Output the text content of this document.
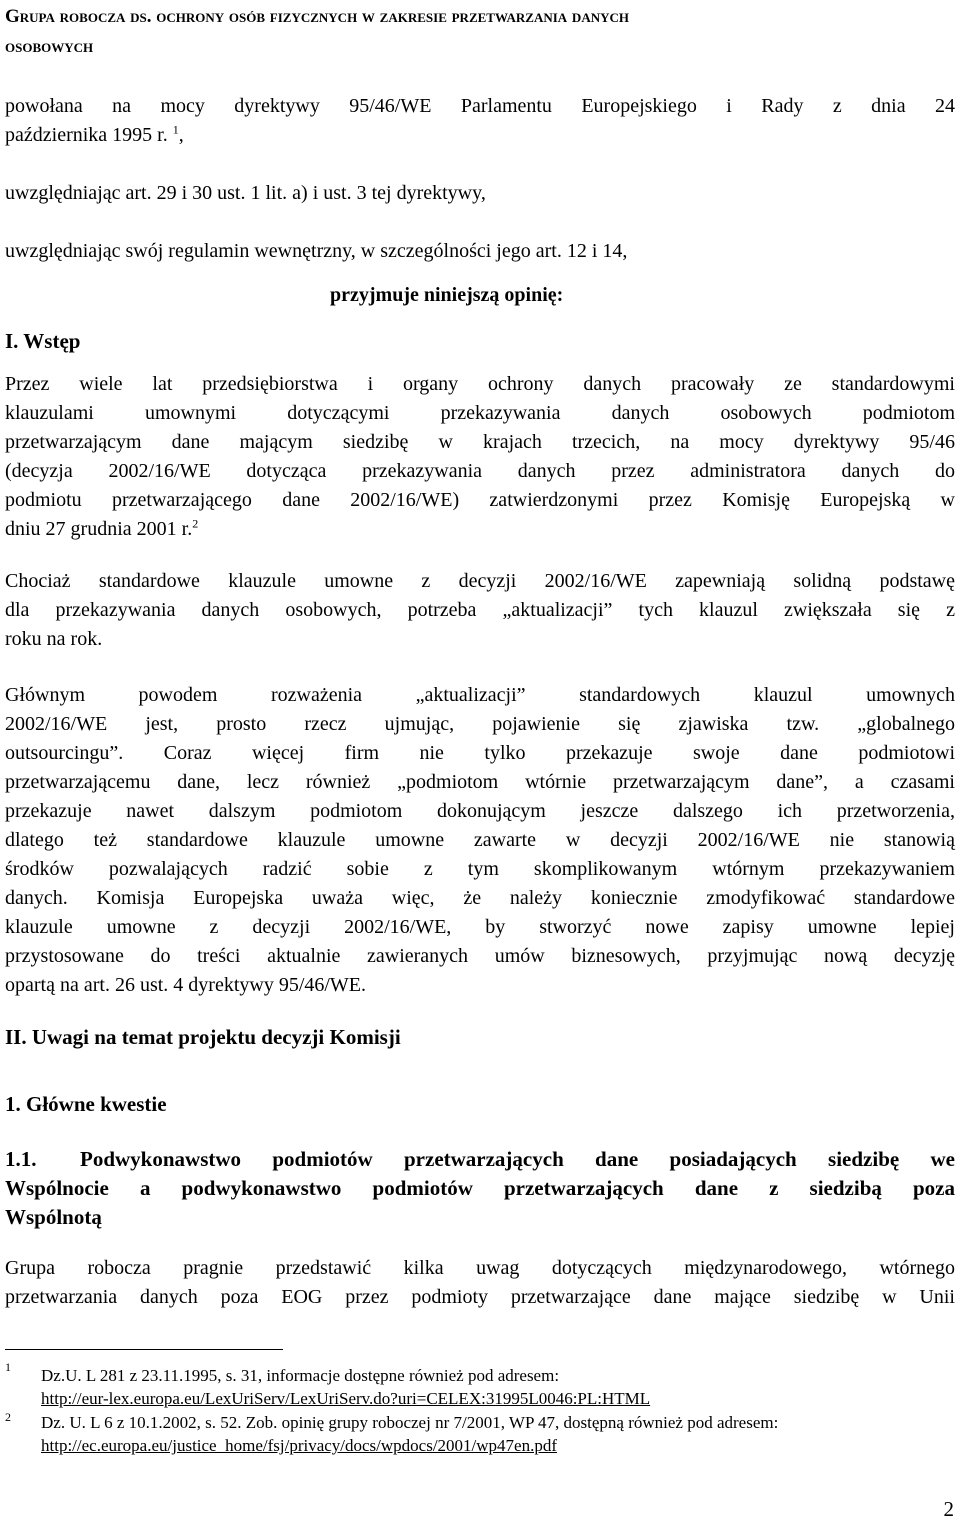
Grupa robocza ds. ochrony osób fizycznych w zakresie przetwarzania danych
osobowych
powołana na mocy dyrektywy 95/46/WE Parlamentu Europejskiego i Rady z dnia 24
października 1995 r. $^1$,
uwzględniając art. 29 i 30 ust. 1 lit. a) i ust. 3 tej dyrektywy,
uwzględniając swój regulamin wewnętrzny, w szczególności jego art. 12 i 14,
przyjmuje niniejszą opinię:
I. Wstęp
Przez wiele lat przedsiębiorstwa i organy ochrony danych pracowały ze standardowymi
klauzulami umownymi dotyczącymi przekazywania danych osobowych podmiotom
przetwarzającym dane mającym siedzibę w krajach trzecich, na mocy dyrektywy 95/46
(decyzja 2002/16/WE dotycząca przekazywania danych przez administratora danych do
podmiotu przetwarzającego dane 2002/16/WE) zatwierdzonymi przez Komisję Europejską w
dniu 27 grudnia 2001 r.$^2$
Chociaż standardowe klauzule umowne z decyzji 2002/16/WE zapewniają solidną podstawę
dla przekazywania danych osobowych, potrzeba „aktualizacji” tych klauzul zwiększała się z
roku na rok.
Głównym powodem rozważenia „aktualizacji” standardowych klauzul umownych
2002/16/WE jest, prosto rzecz ujmując, pojawienie się zjawiska tzw. „globalnego
outsourcingu”. Coraz więcej firm nie tylko przekazuje swoje dane podmiotowi
przetwarzającemu dane, lecz również „podmiotom wtórnie przetwarzającym dane”, a czasami
przekazuje nawet dalszym podmiotom dokonującym jeszcze dalszego ich przetworzenia,
dlatego też standardowe klauzule umowne zawarte w decyzji 2002/16/WE nie stanowią
środków pozwalających radzić sobie z tym skomplikowanym wtórnym przekazywaniem
danych. Komisja Europejska uważa więc, że należy koniecznie zmodyfikować standardowe
klauzule umowne z decyzji 2002/16/WE, by stworzyć nowe zapisy umowne lepiej
przystosowane do treści aktualnie zawieranych umów biznesowych, przyjmując nową decyzję
opartą na art. 26 ust. 4 dyrektywy 95/46/WE.
II. Uwagi na temat projektu decyzji Komisji
1. Główne kwestie
1.1. Podwykonawstwo podmiotów przetwarzających dane posiadających siedzibę we
Wspólnocie a podwykonawstwo podmiotów przetwarzających dane z siedzibą poza
Wspólnotą
Grupa robocza pragnie przedstawić kilka uwag dotyczących międzynarodowego, wtórnego
przetwarzania danych poza EOG przez podmioty przetwarzające dane mające siedzibę w Unii
1 Dz.U. L 281 z 23.11.1995, s. 31, informacje dostępne również pod adresem:
http://eur-lex.europa.eu/LexUriServ/LexUriServ.do?uri=CELEX:31995L0046:PL:HTML
2 Dz. U. L 6 z 10.1.2002, s. 52. Zob. opinię grupy roboczej nr 7/2001, WP 47, dostępną również pod adresem:
http://ec.europa.eu/justice_home/fsj/privacy/docs/wpdocs/2001/wp47en.pdf
2
